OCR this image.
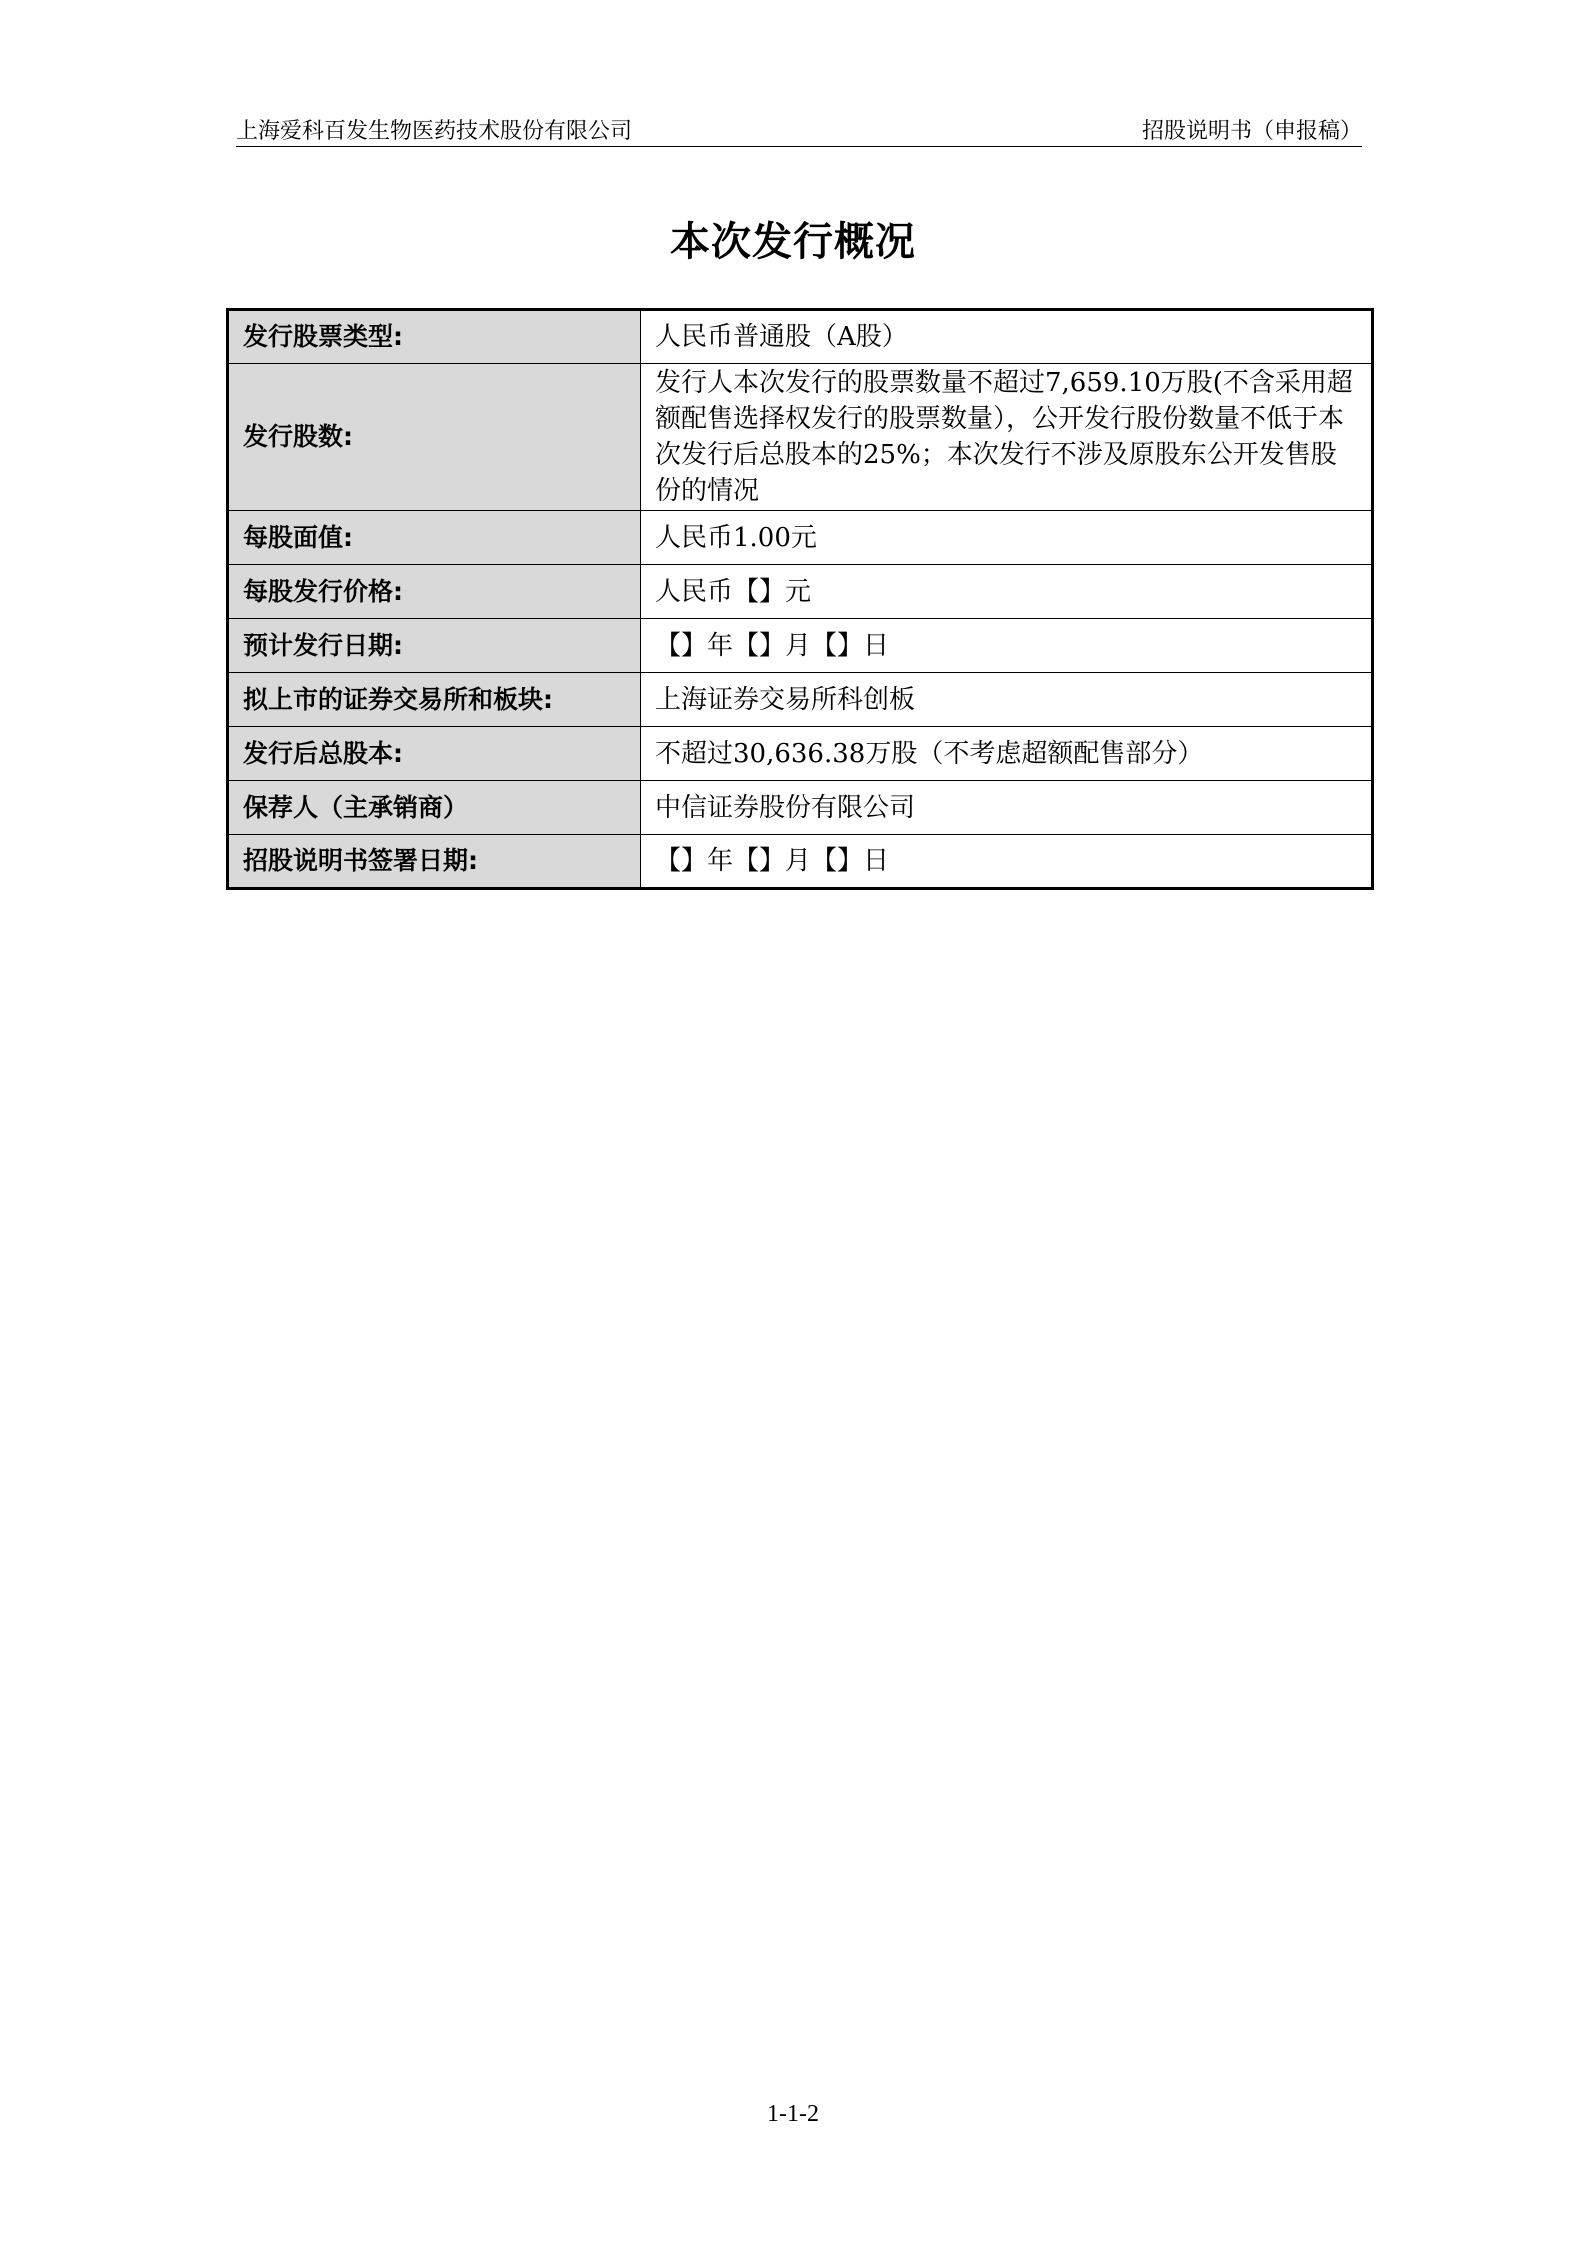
上海爱科百发生物医药技术股份有限公司	招股说明书（申报稿）
本次发行概况
发行股票类型:	人民币普通股（A股）
发行股数:	发行人本次发行的股票数量不超过7,659.10万股(不含采用超额配售选择权发行的股票数量），公开发行股份数量不低于本次发行后总股本的25%；本次发行不涉及原股东公开发售股份的情况
每股面值:	人民币1.00元
每股发行价格:	人民币【】元
预计发行日期:	【】年【】月【】日
拟上市的证券交易所和板块:	上海证券交易所科创板
发行后总股本:	不超过30,636.38万股（不考虑超额配售部分）
保荐人（主承销商）	中信证券股份有限公司
招股说明书签署日期:	【】年【】月【】日
1-1-2
